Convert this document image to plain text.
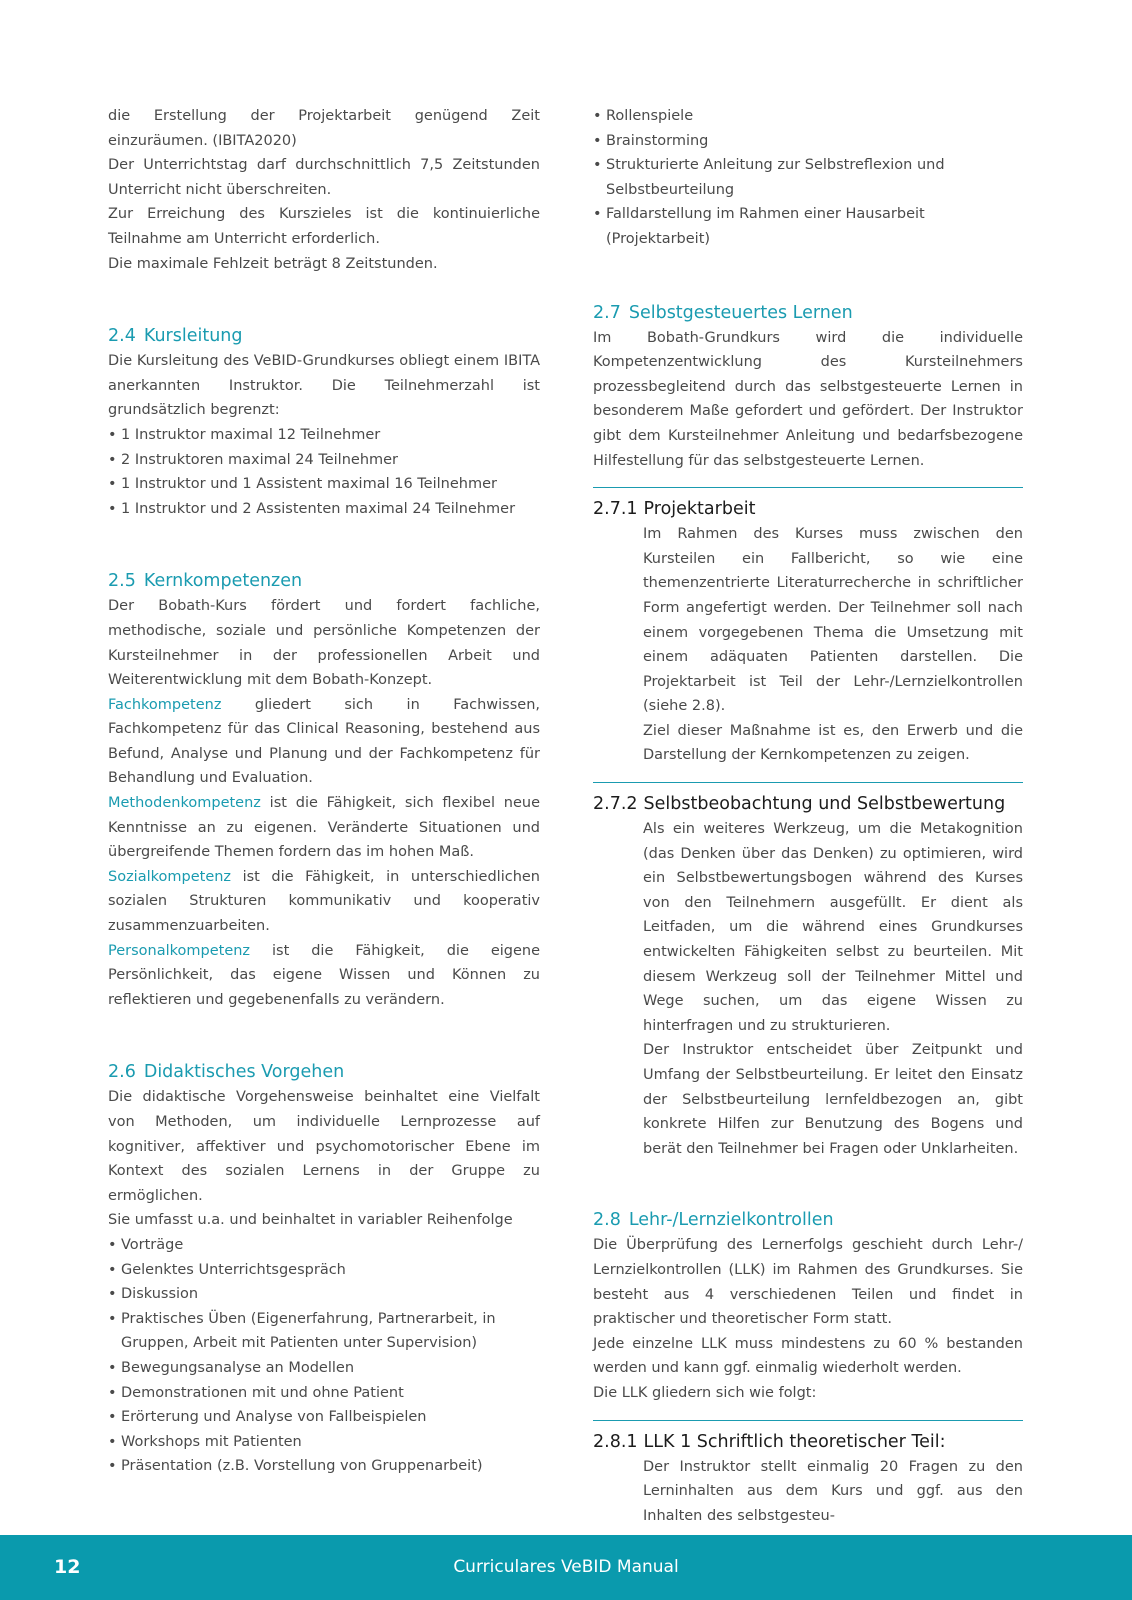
die Erstellung der Projektarbeit genügend Zeit einzuräumen. (IBITA2020)

Der Unterrichtstag darf durchschnittlich 7,5 Zeitstunden Unterricht nicht überschreiten.

Zur Erreichung des Kurszieles ist die kontinuierliche Teilnahme am Unterricht erforderlich.

Die maximale Fehlzeit beträgt 8 Zeitstunden.

2.4 Kursleitung

Die Kursleitung des VeBID-Grundkurses obliegt einem IBITA anerkannten Instruktor. Die Teilnehmerzahl ist grundsätzlich begrenzt:

• 1 Instruktor maximal 12 Teilnehmer
• 2 Instruktoren maximal 24 Teilnehmer
• 1 Instruktor und 1 Assistent maximal 16 Teilnehmer
• 1 Instruktor und 2 Assistenten maximal 24 Teilnehmer
2.5 Kernkompetenzen

Der Bobath-Kurs fördert und fordert fachliche, methodische, soziale und persönliche Kompetenzen der Kursteilnehmer in der professionellen Arbeit und Weiterentwicklung mit dem Bobath-Konzept.

Fachkompetenz gliedert sich in Fachwissen, Fachkompetenz für das Clinical Reasoning, bestehend aus Befund, Analyse und Planung und der Fachkompetenz für Behandlung und Evaluation.

Methodenkompetenz ist die Fähigkeit, sich flexibel neue Kenntnisse an zu eigenen. Veränderte Situationen und übergreifende Themen fordern das im hohen Maß.

Sozialkompetenz ist die Fähigkeit, in unterschiedlichen sozialen Strukturen kommunikativ und kooperativ zusammenzuarbeiten.

Personalkompetenz ist die Fähigkeit, die eigene Persönlichkeit, das eigene Wissen und Können zu reflektieren und gegebenenfalls zu verändern.

2.6 Didaktisches Vorgehen

Die didaktische Vorgehensweise beinhaltet eine Vielfalt von Methoden, um individuelle Lernprozesse auf kognitiver, affektiver und psychomotorischer Ebene im Kontext des sozialen Lernens in der Gruppe zu ermöglichen.

Sie umfasst u.a. und beinhaltet in variabler Reihenfolge

• Vorträge
• Gelenktes Unterrichtsgespräch
• Diskussion
• Praktisches Üben (Eigenerfahrung, Partnerarbeit, in Gruppen, Arbeit mit Patienten unter Supervision)
• Bewegungsanalyse an Modellen
• Demonstrationen mit und ohne Patient
• Erörterung und Analyse von Fallbeispielen
• Workshops mit Patienten
• Präsentation (z.B. Vorstellung von Gruppenarbeit)
• Rollenspiele
• Brainstorming
• Strukturierte Anleitung zur Selbstreflexion und Selbstbeurteilung
• Falldarstellung im Rahmen einer Hausarbeit (Projektarbeit)
2.7 Selbstgesteuertes Lernen

Im Bobath-Grundkurs wird die individuelle Kompetenzentwicklung des Kursteilnehmers prozessbegleitend durch das selbstgesteuerte Lernen in besonderem Maße gefordert und gefördert. Der Instruktor gibt dem Kursteilnehmer Anleitung und bedarfsbezogene Hilfestellung für das selbstgesteuerte Lernen.

2.7.1 Projektarbeit

Im Rahmen des Kurses muss zwischen den Kursteilen ein Fallbericht, so wie eine themenzentrierte Literaturrecherche in schriftlicher Form angefertigt werden. Der Teilnehmer soll nach einem vorgegebenen Thema die Umsetzung mit einem adäquaten Patienten darstellen. Die Projektarbeit ist Teil der Lehr-/Lernzielkontrollen (siehe 2.8).

Ziel dieser Maßnahme ist es, den Erwerb und die Darstellung der Kernkompetenzen zu zeigen.

2.7.2 Selbstbeobachtung und Selbstbewertung

Als ein weiteres Werkzeug, um die Metakognition (das Denken über das Denken) zu optimieren, wird ein Selbstbewertungsbogen während des Kurses von den Teilnehmern ausgefüllt. Er dient als Leitfaden, um die während eines Grundkurses entwickelten Fähigkeiten selbst zu beurteilen. Mit diesem Werkzeug soll der Teilnehmer Mittel und Wege suchen, um das eigene Wissen zu hinterfragen und zu strukturieren.

Der Instruktor entscheidet über Zeitpunkt und Umfang der Selbstbeurteilung. Er leitet den Einsatz der Selbstbeurteilung lernfeldbezogen an, gibt konkrete Hilfen zur Benutzung des Bogens und berät den Teilnehmer bei Fragen oder Unklarheiten.

2.8 Lehr-/Lernzielkontrollen

Die Überprüfung des Lernerfolgs geschieht durch Lehr-/ Lernzielkontrollen (LLK) im Rahmen des Grundkurses. Sie besteht aus 4 verschiedenen Teilen und findet in praktischer und theoretischer Form statt.

Jede einzelne LLK muss mindestens zu 60 % bestanden werden und kann ggf. einmalig wiederholt werden.

Die LLK gliedern sich wie folgt:

2.8.1 LLK 1 Schriftlich theoretischer Teil:

Der Instruktor stellt einmalig 20 Fragen zu den Lerninhalten aus dem Kurs und ggf. aus den Inhalten des selbstgesteu-

12	Curriculares VeBID Manual
